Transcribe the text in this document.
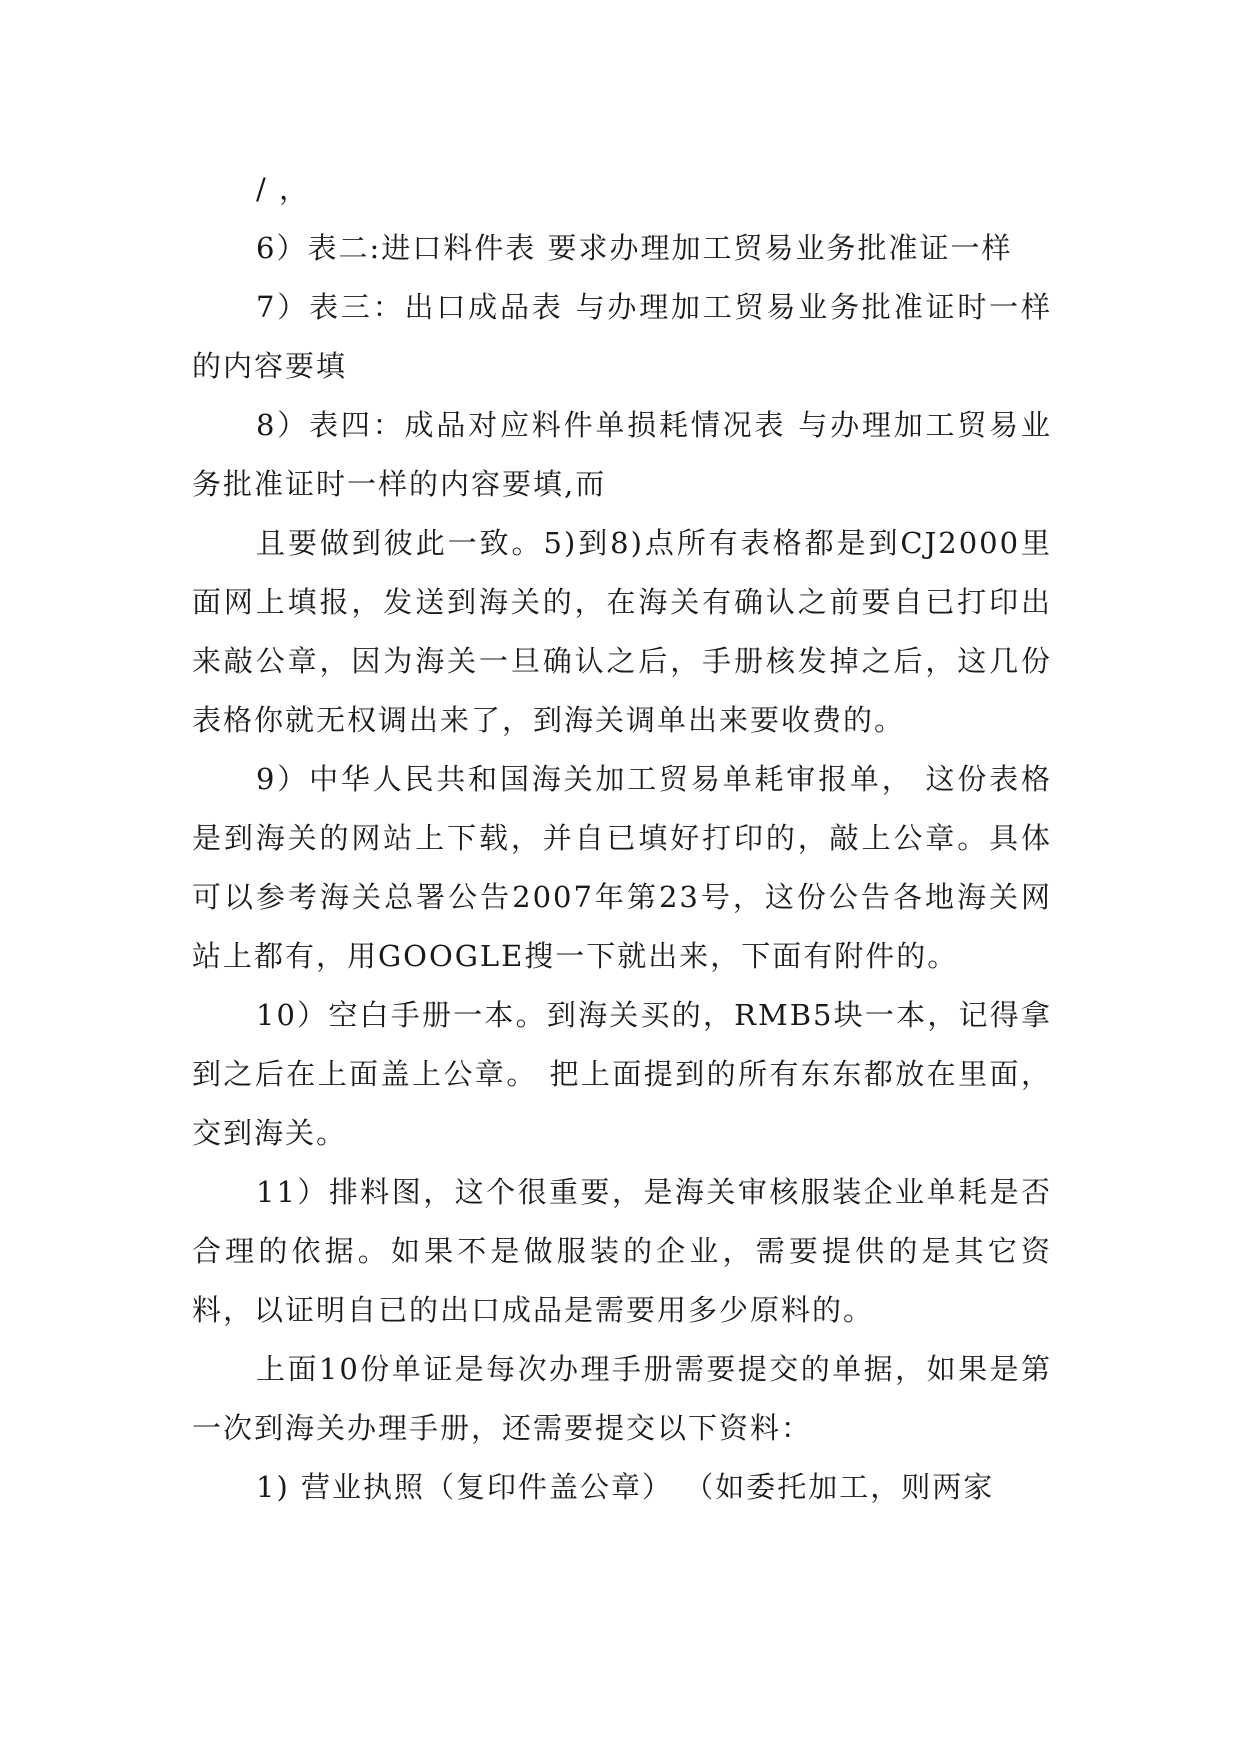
/ ，

6）表二:进口料件表 要求办理加工贸易业务批准证一样

7）表三：出口成品表 与办理加工贸易业务批准证时一样的内容要填

8）表四：成品对应料件单损耗情况表 与办理加工贸易业务批准证时一样的内容要填,而

且要做到彼此一致。5)到8)点所有表格都是到CJ2000里面网上填报，发送到海关的，在海关有确认之前要自已打印出来敲公章，因为海关一旦确认之后，手册核发掉之后，这几份表格你就无权调出来了，到海关调单出来要收费的。

9）中华人民共和国海关加工贸易单耗审报单， 这份表格是到海关的网站上下载，并自已填好打印的，敲上公章。具体可以参考海关总署公告2007年第23号，这份公告各地海关网站上都有，用GOOGLE搜一下就出来，下面有附件的。

10）空白手册一本。到海关买的，RMB5块一本，记得拿到之后在上面盖上公章。 把上面提到的所有东东都放在里面，交到海关。

11）排料图，这个很重要，是海关审核服装企业单耗是否合理的依据。如果不是做服装的企业，需要提供的是其它资料，以证明自已的出口成品是需要用多少原料的。

上面10份单证是每次办理手册需要提交的单据，如果是第一次到海关办理手册，还需要提交以下资料：

1) 营业执照（复印件盖公章） （如委托加工，则两家
